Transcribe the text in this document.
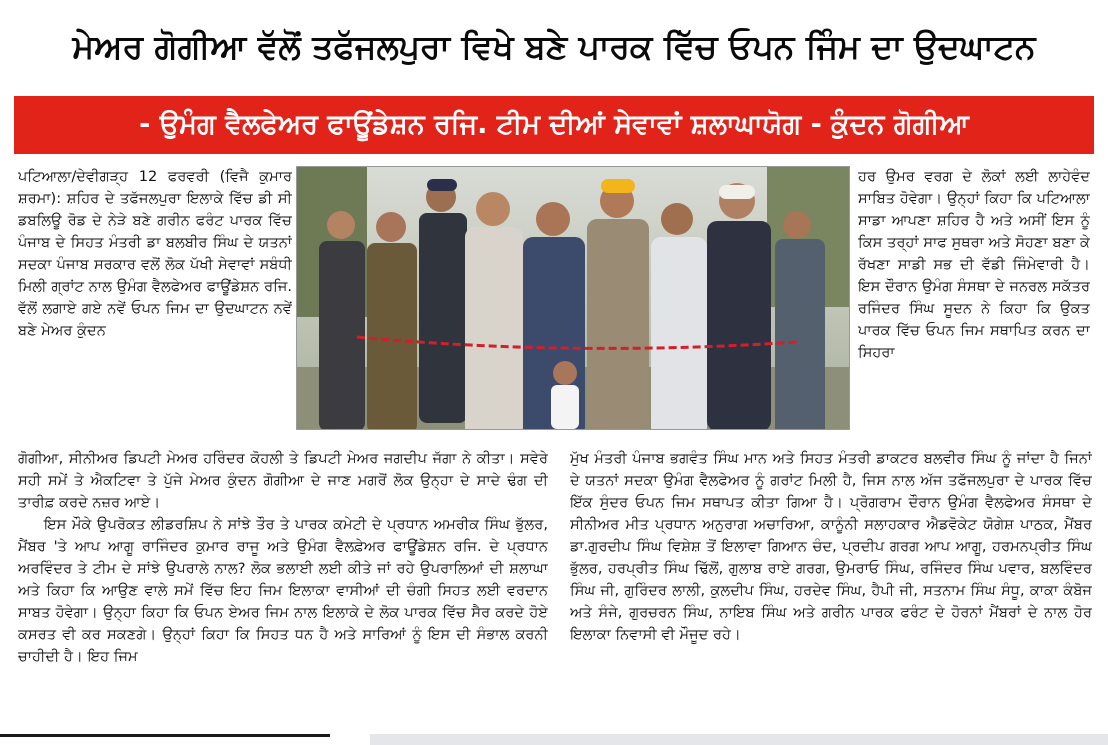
ਮੇਅਰ ਗੋਗੀਆ ਵੱਲੋਂ ਤਫੱਜਲਪੁਰਾ ਵਿਖੇ ਬਣੇ ਪਾਰਕ ਵਿੱਚ ਓਪਨ ਜਿੰਮ ਦਾ ਉਦਘਾਟਨ
- ਉਮੰਗ ਵੈਲਫੇਅਰ ਫਾਊਂਡੇਸ਼ਨ ਰਜਿ. ਟੀਮ ਦੀਆਂ ਸੇਵਾਵਾਂ ਸ਼ਲਾਘਾਯੋਗ - ਕੁੰਦਨ ਗੋਗੀਆ

ਪਟਿਆਲਾ/ਦੇਵੀਗੜ੍ਹ 12 ਫਰਵਰੀ (ਵਿਜੈ ਕੁਮਾਰ ਸ਼ਰਮਾ): ਸ਼ਹਿਰ ਦੇ ਤਫੱਜਲਪੁਰਾ ਇਲਾਕੇ ਵਿੱਚ ਡੀ ਸੀ ਡਬਲਿਊ ਰੋਡ ਦੇ ਨੇੜੇ ਬਣੇ ਗਰੀਨ ਫਰੰਟ ਪਾਰਕ ਵਿੱਚ ਪੰਜਾਬ ਦੇ ਸਿਹਤ ਮੰਤਰੀ ਡਾ ਬਲਬੀਰ ਸਿੰਘ ਦੇ ਯਤਨਾਂ ਸਦਕਾ ਪੰਜਾਬ ਸਰਕਾਰ ਵਲੋਂ ਲੋਕ ਪੱਖੀ ਸੇਵਾਵਾਂ ਸਬੰਧੀ ਮਿਲੀ ਗ੍ਰਾਂਟ ਨਾਲ ਉਮੰਗ ਵੈਲਫੇਅਰ ਫਾਊਂਡੇਸ਼ਨ ਰਜਿ. ਵੱਲੋਂ ਲਗਾਏ ਗਏ ਨਵੇਂ ਓਪਨ ਜਿਮ ਦਾ ਉਦਘਾਟਨ ਨਵੇਂ ਬਣੇ ਮੇਅਰ ਕੁੰਦਨ

ਹਰ ਉਮਰ ਵਰਗ ਦੇ ਲੋਕਾਂ ਲਈ ਲਾਹੇਵੰਦ ਸਾਬਿਤ ਹੋਵੇਗਾ। ਉਨ੍ਹਾਂ ਕਿਹਾ ਕਿ ਪਟਿਆਲਾ ਸਾਡਾ ਆਪਣਾ ਸ਼ਹਿਰ ਹੈ ਅਤੇ ਅਸੀਂ ਇਸ ਨੂੰ ਕਿਸ ਤਰ੍ਹਾਂ ਸਾਫ ਸੁਥਰਾ ਅਤੇ ਸੋਹਣਾ ਬਣਾ ਕੇ ਰੱਖਣਾ ਸਾਡੀ ਸਭ ਦੀ ਵੱਡੀ ਜਿੰਮੇਵਾਰੀ ਹੈ। ਇਸ ਦੌਰਾਨ ਉਮੰਗ ਸੰਸਥਾ ਦੇ ਜਨਰਲ ਸਕੱਤਰ ਰਜਿੰਦਰ ਸਿੰਘ ਸੂਦਨ ਨੇ ਕਿਹਾ ਕਿ ਉਕਤ ਪਾਰਕ ਵਿੱਚ ਓਪਨ ਜਿਮ ਸਥਾਪਿਤ ਕਰਨ ਦਾ ਸਿਹਰਾ

ਗੋਗੀਆ, ਸੀਨੀਅਰ ਡਿਪਟੀ ਮੇਅਰ ਹਰਿੰਦਰ ਕੋਹਲੀ ਤੇ ਡਿਪਟੀ ਮੇਅਰ ਜਗਦੀਪ ਜੱਗਾ ਨੇ ਕੀਤਾ। ਸਵੇਰੇ ਸਹੀ ਸਮੇਂ ਤੇ ਐਕਟਿਵਾ ਤੇ ਪੁੱਜੇ ਮੇਅਰ ਕੁੰਦਨ ਗੋਗੀਆ ਦੇ ਜਾਣ ਮਗਰੋਂ ਲੋਕ ਉਨ੍ਹਾ ਦੇ ਸਾਦੇ ਢੰਗ ਦੀ ਤਾਰੀਫ਼ ਕਰਦੇ ਨਜ਼ਰ ਆਏ।

ਇਸ ਮੌਕੇ ਉਪਰੋਕਤ ਲੀਡਰਸ਼ਿਪ ਨੇ ਸਾਂਝੇ ਤੌਰ ਤੇ ਪਾਰਕ ਕਮੇਟੀ ਦੇ ਪ੍ਰਧਾਨ ਅਮਰੀਕ ਸਿੰਘ ਭੁੱਲਰ, ਮੈਂਬਰ 'ਤੇ ਆਪ ਆਗੂ ਰਾਜਿੰਦਰ ਕੁਮਾਰ ਰਾਜੂ ਅਤੇ ਉਮੰਗ ਵੈਲਫ਼ੇਅਰ ਫਾਊਂਡੇਸ਼ਨ ਰਜਿ. ਦੇ ਪ੍ਰਧਾਨ ਅਰਵਿੰਦਰ ਤੇ ਟੀਮ ਦੇ ਸਾਂਝੇ ਉਪਰਾਲੇ ਨਾਲ? ਲੋਕ ਭਲਾਈ ਲਈ ਕੀਤੇ ਜਾਂ ਰਹੇ ਉਪਰਾਲਿਆਂ ਦੀ ਸ਼ਲਾਘਾ ਅਤੇ ਕਿਹਾ ਕਿ ਆਉਣ ਵਾਲੇ ਸਮੇਂ ਵਿੱਚ ਇਹ ਜਿਮ ਇਲਾਕਾ ਵਾਸੀਆਂ ਦੀ ਚੰਗੀ ਸਿਹਤ ਲਈ ਵਰਦਾਨ ਸਾਬਤ ਹੋਵੇਗਾ। ਉਨ੍ਹਾ ਕਿਹਾ ਕਿ ਓਪਨ ਏਅਰ ਜਿਮ ਨਾਲ ਇਲਾਕੇ ਦੇ ਲੋਕ ਪਾਰਕ ਵਿੱਚ ਸੈਰ ਕਰਦੇ ਹੋਏ ਕਸਰਤ ਵੀ ਕਰ ਸਕਣਗੇ। ਉਨ੍ਹਾਂ ਕਿਹਾ ਕਿ ਸਿਹਤ ਧਨ ਹੈ ਅਤੇ ਸਾਰਿਆਂ ਨੂੰ ਇਸ ਦੀ ਸੰਭਾਲ ਕਰਨੀ ਚਾਹੀਦੀ ਹੈ। ਇਹ ਜਿਮ

ਮੁੱਖ ਮੰਤਰੀ ਪੰਜਾਬ ਭਗਵੰਤ ਸਿੰਘ ਮਾਨ ਅਤੇ ਸਿਹਤ ਮੰਤਰੀ ਡਾਕਟਰ ਬਲਵੀਰ ਸਿੰਘ ਨੂੰ ਜਾਂਦਾ ਹੈ ਜਿਨਾਂ ਦੇ ਯਤਨਾਂ ਸਦਕਾ ਉਮੰਗ ਵੈਲਫੇਅਰ ਨੂੰ ਗਰਾਂਟ ਮਿਲੀ ਹੈ, ਜਿਸ ਨਾਲ ਅੱਜ ਤਫੱਜਲਪੁਰਾ ਦੇ ਪਾਰਕ ਵਿੱਚ ਇੱਕ ਸੁੰਦਰ ਓਪਨ ਜਿਮ ਸਥਾਪਤ ਕੀਤਾ ਗਿਆ ਹੈ। ਪ੍ਰੋਗਰਾਮ ਦੌਰਾਨ ਉਮੰਗ ਵੈਲਫੇਅਰ ਸੰਸਥਾ ਦੇ ਸੀਨੀਅਰ ਮੀਤ ਪ੍ਰਧਾਨ ਅਨੁਰਾਗ ਅਚਾਰਿਆ, ਕਾਨੂੰਨੀ ਸਲਾਹਕਾਰ ਐਡਵੋਕੇਟ ਯੋਗੇਸ਼ ਪਾਠਕ, ਮੈਂਬਰ ਡਾ.ਗੁਰਦੀਪ ਸਿੰਘ ਵਿਸ਼ੇਸ਼ ਤੋਂ ਇਲਾਵਾ ਗਿਆਨ ਚੰਦ, ਪ੍ਰਦੀਪ ਗਰਗ ਆਪ ਆਗੂ, ਹਰਮਨਪ੍ਰੀਤ ਸਿੰਘ ਭੁੱਲਰ, ਹਰਪ੍ਰੀਤ ਸਿੰਘ ਢਿੱਲੋਂ, ਗੁਲਾਬ ਰਾਏ ਗਰਗ, ਉਮਰਾਓ ਸਿੰਘ, ਰਜਿੰਦਰ ਸਿੰਘ ਪਵਾਰ, ਬਲਵਿੰਦਰ ਸਿੰਘ ਜੀ, ਗੁਰਿੰਦਰ ਲਾਲੀ, ਕੁਲਦੀਪ ਸਿੰਘ, ਹਰਦੇਵ ਸਿੰਘ, ਹੈਪੀ ਜੀ, ਸਤਨਾਮ ਸਿੰਘ ਸੰਧੂ, ਕਾਕਾ ਕੰਬੋਜ ਅਤੇ ਸੰਜੇ, ਗੁਰਚਰਨ ਸਿੰਘ, ਨਾਇਬ ਸਿੰਘ ਅਤੇ ਗਰੀਨ ਪਾਰਕ ਫਰੰਟ ਦੇ ਹੋਰਨਾਂ ਮੈਂਬਰਾਂ ਦੇ ਨਾਲ ਹੋਰ ਇਲਾਕਾ ਨਿਵਾਸੀ ਵੀ ਮੌਜੂਦ ਰਹੇ।
